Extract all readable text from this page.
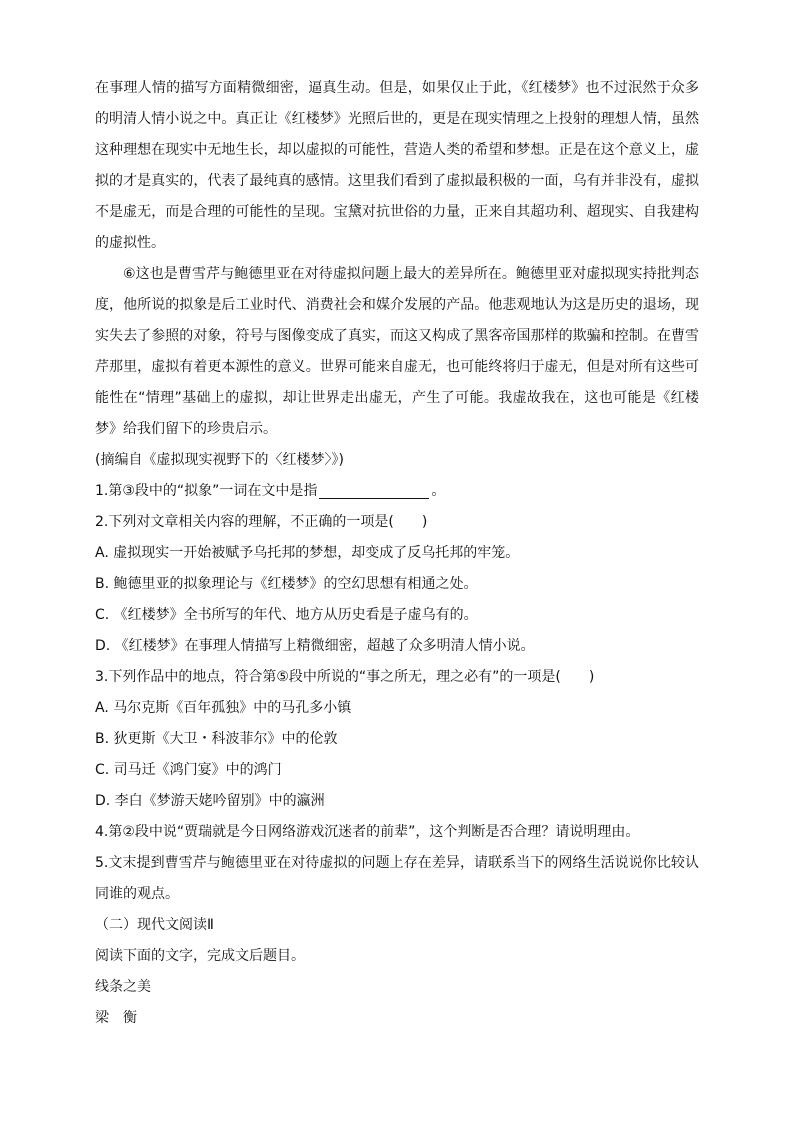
在事理人情的描写方面精微细密，逼真生动。但是，如果仅止于此，《红楼梦》也不过泯然于众多的明清人情小说之中。真正让《红楼梦》光照后世的，更是在现实情理之上投射的理想人情，虽然这种理想在现实中无地生长，却以虚拟的可能性，营造人类的希望和梦想。正是在这个意义上，虚拟的才是真实的，代表了最纯真的感情。这里我们看到了虚拟最积极的一面，乌有并非没有，虚拟不是虚无，而是合理的可能性的呈现。宝黛对抗世俗的力量，正来自其超功利、超现实、自我建构的虚拟性。

⑥这也是曹雪芹与鲍德里亚在对待虚拟问题上最大的差异所在。鲍德里亚对虚拟现实持批判态度，他所说的拟象是后工业时代、消费社会和媒介发展的产品。他悲观地认为这是历史的退场，现实失去了参照的对象，符号与图像变成了真实，而这又构成了黑客帝国那样的欺骗和控制。在曹雪芹那里，虚拟有着更本源性的意义。世界可能来自虚无，也可能终将归于虚无，但是对所有这些可能性在“情理”基础上的虚拟，却让世界走出虚无，产生了可能。我虚故我在，这也可能是《红楼梦》给我们留下的珍贵启示。

(摘编自《虚拟现实视野下的〈红楼梦〉》)

1.第③段中的“拟象”一词在文中是指	。

2.下列对文章相关内容的理解，不正确的一项是(　　)

A. 虚拟现实一开始被赋予乌托邦的梦想，却变成了反乌托邦的牢笼。

B. 鲍德里亚的拟象理论与《红楼梦》的空幻思想有相通之处。

C. 《红楼梦》全书所写的年代、地方从历史看是子虚乌有的。

D. 《红楼梦》在事理人情描写上精微细密，超越了众多明清人情小说。

3.下列作品中的地点，符合第⑤段中所说的“事之所无，理之必有”的一项是(　　)

A. 马尔克斯《百年孤独》中的马孔多小镇

B. 狄更斯《大卫・科波菲尔》中的伦敦

C. 司马迁《鸿门宴》中的鸿门

D. 李白《梦游天姥吟留别》中的瀛洲

4.第②段中说“贾瑞就是今日网络游戏沉迷者的前辈”，这个判断是否合理？请说明理由。

5.文末提到曹雪芹与鲍德里亚在对待虚拟的问题上存在差异，请联系当下的网络生活说说你比较认同谁的观点。

（二）现代文阅读Ⅱ

阅读下面的文字，完成文后题目。

线条之美

梁衡
